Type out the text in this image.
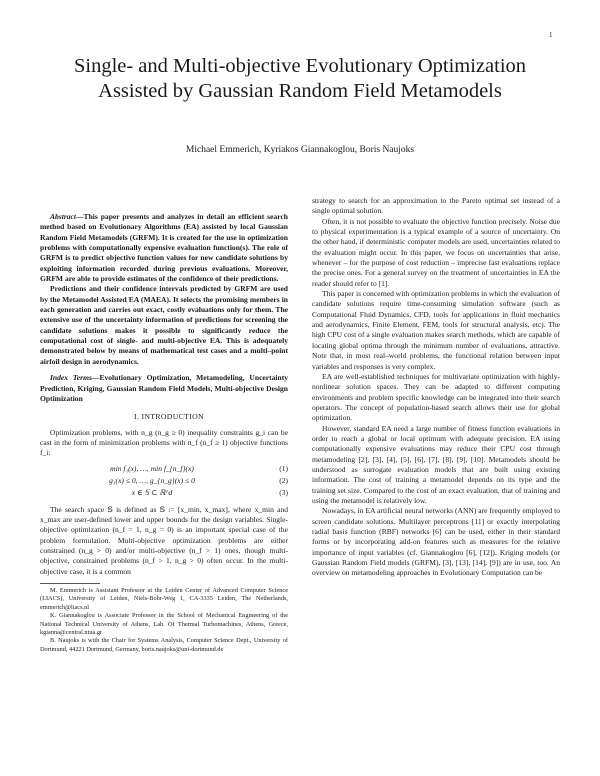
1
Single- and Multi-objective Evolutionary Optimization Assisted by Gaussian Random Field Metamodels
Michael Emmerich, Kyriakos Giannakoglou, Boris Naujoks

Abstract—This paper presents and analyzes in detail an efficient search method based on Evolutionary Algorithms (EA) assisted by local Gaussian Random Field Metamodels (GRFM). It is created for the use in optimization problems with computationally expensive evaluation function(s). The role of GRFM is to predict objective function values for new candidate solutions by exploiting information recorded during previous evaluations. Moreover, GRFM are able to provide estimates of the confidence of their predictions.

Predictions and their confidence intervals predicted by GRFM are used by the Metamodel Assisted EA (MAEA). It selects the promising members in each generation and carries out exact, costly evaluations only for them. The extensive use of the uncertainty information of predictions for screening the candidate solutions makes it possible to significantly reduce the computational cost of single- and multi-objective EA. This is adequately demonstrated below by means of mathematical test cases and a multi–point airfoil design in aerodynamics.

Index Terms—Evolutionary Optimization, Metamodeling, Uncertainty Prediction, Kriging, Gaussian Random Field Models, Multi-objective Design Optimization

I. INTRODUCTION

Optimization problems, with n_g (n_g ≥ 0) inequality constraints g_i can be cast in the form of minimization problems with n_f (n_f ≥ 1) objective functions f_i:

min f₁(x), …, min f_{n_f}(x)	(1)
g₁(x) ≤ 0, …, g_{n_g}(x) ≤ 0	(2)
x ∈ 𝕊 ⊂ ℝ^d	(3)

The search space 𝕊 is defined as 𝕊 := [x_min, x_max], where x_min and x_max are user-defined lower and upper bounds for the design variables. Single-objective optimization (n_f = 1, n_g = 0) is an important special case of the problem formulation. Multi-objective optimization problems are either constrained (n_g > 0) and/or multi-objective (n_f > 1) ones, though multi-objective, constrained problems (n_f > 1, n_g > 0) often occur. In the multi-objective case, it is a common

M. Emmerich is Assistant Professor at the Leiden Center of Advanced Computer Science (LIACS), University of Leiden, Niels-Bohr-Weg 1, CA-3335 Leiden, The Netherlands, emmerich@liacs.nl

K. Giannakoglou is Associate Professor in the School of Mechanical Engineering of the National Technical University of Athens, Lab. Of Thermal Turbomachines, Athens, Greece, kgianna@central.ntua.gr

B. Naujoks is with the Chair for Systems Analysis, Computer Science Dept., University of Dortmund, 44221 Dortmund, Germany, boris.naujoks@uni-dortmund.de

strategy to search for an approximation to the Pareto optimal set instead of a single optimal solution.

Often, it is not possible to evaluate the objective function precisely. Noise due to physical experimentation is a typical example of a source of uncertainty. On the other hand, if deterministic computer models are used, uncertainties related to the evaluation might occur. In this paper, we focus on uncertainties that arise, whenever – for the purpose of cost reduction – imprecise fast evaluations replace the precise ones. For a general survey on the treatment of uncertainties in EA the reader should refer to [1].

This paper is concerned with optimization problems in which the evaluation of candidate solutions require time-consuming simulation software (such as Computational Fluid Dynamics, CFD, tools for applications in fluid mechanics and aerodynamics, Finite Element, FEM, tools for structural analysis, etc). The high CPU cost of a single evaluation makes search methods, which are capable of locating global optima through the minimum number of evaluations, attractive. Note that, in most real–world problems, the functional relation between input variables and responses is very complex.

EA are well-established techniques for multivariate optimization with highly-nonlinear solution spaces. They can be adapted to different computing environments and problem specific knowledge can be integrated into their search operators. The concept of population-based search allows their use for global optimization.

However, standard EA need a large number of fitness function evaluations in order to reach a global or local optimum with adequate precision. EA using computationally expensive evaluations may reduce their CPU cost through metamodeling [2], [3], [4], [5], [6], [7], [8], [9], [10]. Metamodels should be understood as surrogate evaluation models that are built using existing information. The cost of training a metamodel depends on its type and the training set size. Compared to the cost of an exact evaluation, that of training and using the metamodel is relatively low.

Nowadays, in EA artificial neural networks (ANN) are frequently employed to screen candidate solutions. Multilayer perceptrons [11] or exactly interpolating radial basis function (RBF) networks [6] can be used, either in their standard forms or by incorporating add-on features such as measures for the relative importance of input variables (cf. Giannakoglou [6], [12]). Kriging models (or Gaussian Random Field models (GRFM), [3], [13], [14], [9]) are in use, too. An overview on metamodeling approaches in Evolutionary Computation can be
